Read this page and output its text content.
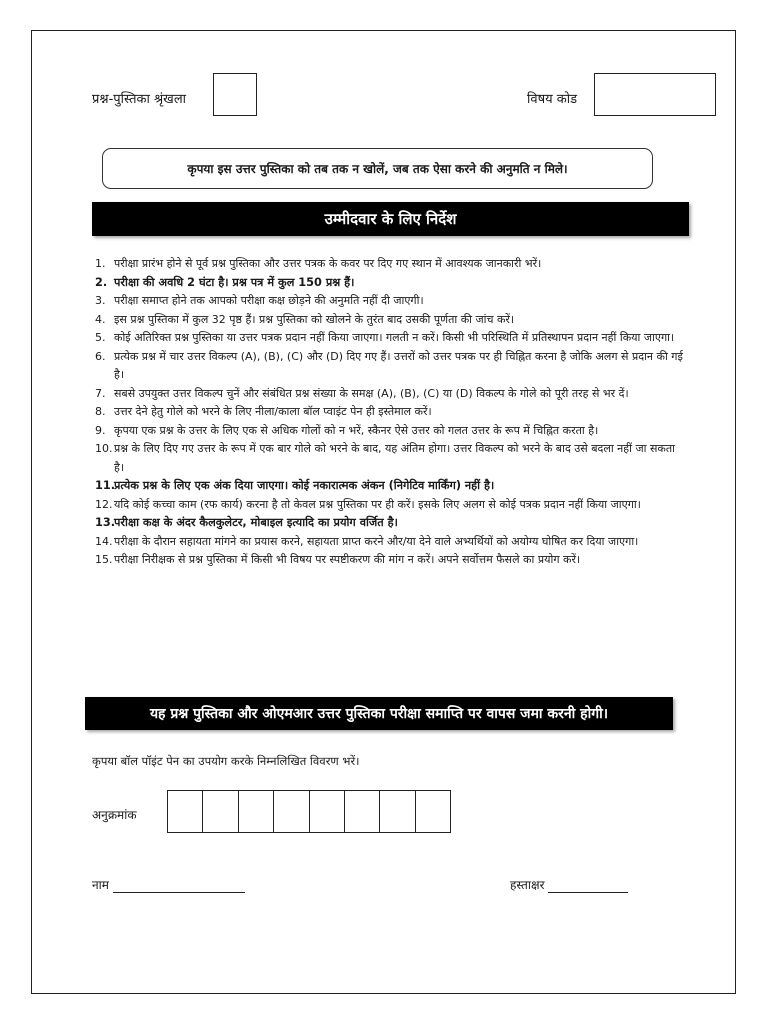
प्रश्न-पुस्तिका श्रृंखला	विषय कोड
कृपया इस उत्तर पुस्तिका को तब तक न खोलें, जब तक ऐसा करने की अनुमति न मिले।
उम्मीदवार के लिए निर्देश
1. परीक्षा प्रारंभ होने से पूर्व प्रश्न पुस्तिका और उत्तर पत्रक के कवर पर दिए गए स्थान में आवश्यक जानकारी भरें।
2. परीक्षा की अवधि 2 घंटा है। प्रश्न पत्र में कुल 150 प्रश्न हैं।
3. परीक्षा समाप्त होने तक आपको परीक्षा कक्ष छोड़ने की अनुमति नहीं दी जाएगी।
4. इस प्रश्न पुस्तिका में कुल 32 पृष्ठ हैं। प्रश्न पुस्तिका को खोलने के तुरंत बाद उसकी पूर्णता की जांच करें।
5. कोई अतिरिक्त प्रश्न पुस्तिका या उत्तर पत्रक प्रदान नहीं किया जाएगा। गलती न करें। किसी भी परिस्थिति में प्रतिस्थापन प्रदान नहीं किया जाएगा।
6. प्रत्येक प्रश्न में चार उत्तर विकल्प (A), (B), (C) और (D) दिए गए हैं। उत्तरों को उत्तर पत्रक पर ही चिह्नित करना है जोकि अलग से प्रदान की गई है।
7. सबसे उपयुक्त उत्तर विकल्प चुनें और संबंधित प्रश्न संख्या के समक्ष (A), (B), (C) या (D) विकल्प के गोले को पूरी तरह से भर दें।
8. उत्तर देने हेतु गोले को भरने के लिए नीला/काला बॉल प्वाइंट पेन ही इस्तेमाल करें।
9. कृपया एक प्रश्न के उत्तर के लिए एक से अधिक गोलों को न भरें, स्कैनर ऐसे उत्तर को गलत उत्तर के रूप में चिह्नित करता है।
10. प्रश्न के लिए दिए गए उत्तर के रूप में एक बार गोले को भरने के बाद, यह अंतिम होगा। उत्तर विकल्प को भरने के बाद उसे बदला नहीं जा सकता है।
11.
प्रत्येक प्रश्न के लिए एक अंक दिया जाएगा। कोई नकारात्मक अंकन (निगेटिव मार्किंग) नहीं है।
12. यदि कोई कच्चा काम (रफ कार्य) करना है तो केवल प्रश्न पुस्तिका पर ही करें। इसके लिए अलग से कोई पत्रक प्रदान नहीं किया जाएगा।
13.
परीक्षा कक्ष के अंदर कैलकुलेटर, मोबाइल इत्यादि का प्रयोग वर्जित है।
14. परीक्षा के दौरान सहायता मांगने का प्रयास करने, सहायता प्राप्त करने और/या देने वाले अभ्यर्थियों को अयोग्य घोषित कर दिया जाएगा।
15. परीक्षा निरीक्षक से प्रश्न पुस्तिका में किसी भी विषय पर स्पष्टीकरण की मांग न करें। अपने सर्वोत्तम फैसले का प्रयोग करें।
यह प्रश्न पुस्तिका और ओएमआर उत्तर पुस्तिका परीक्षा समाप्ति पर वापस जमा करनी होगी।
कृपया बॉल पॉइंट पेन का उपयोग करके निम्नलिखित विवरण भरें।
अनुक्रमांक
नाम	हस्ताक्षर
